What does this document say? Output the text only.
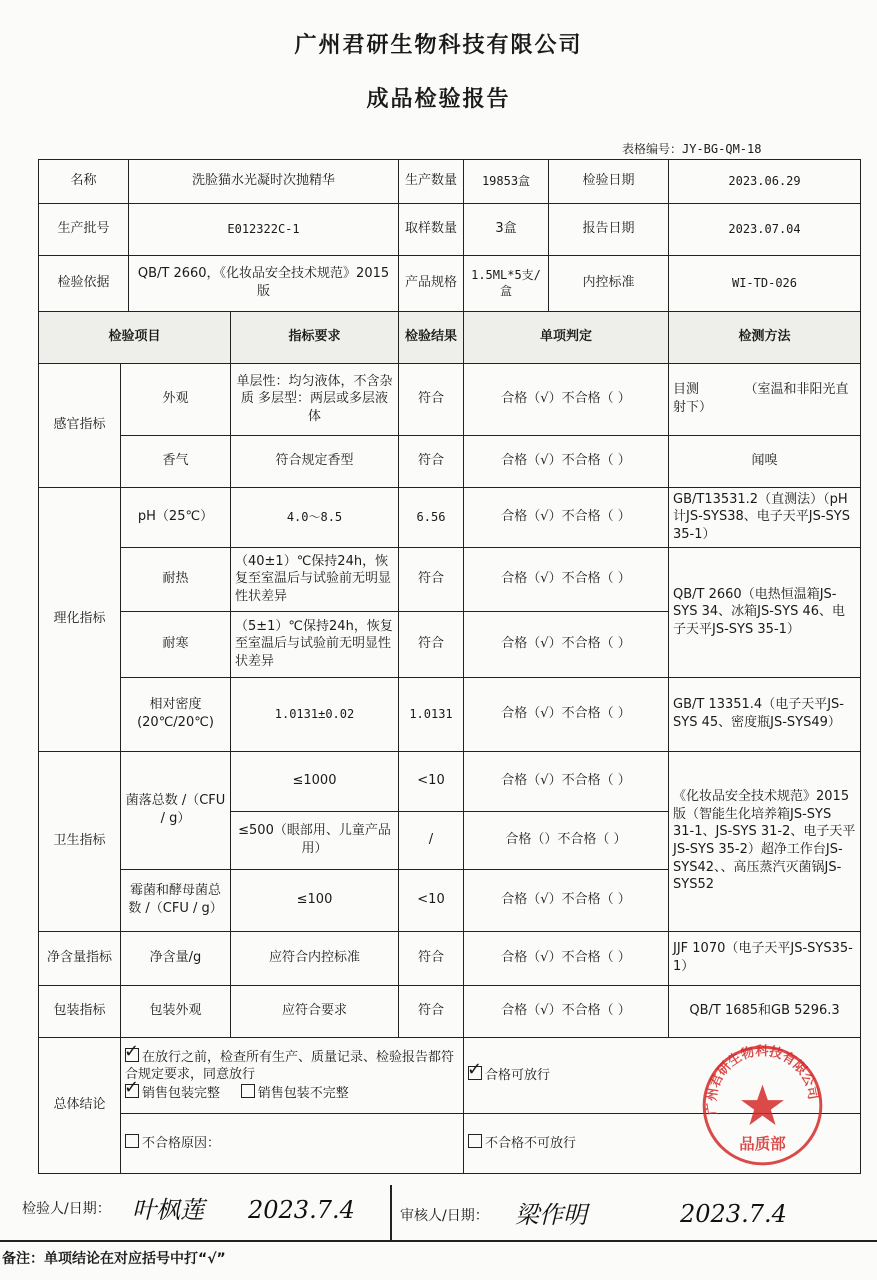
广州君研生物科技有限公司
成品检验报告
表格编号：JY-BG-QM-18

名称		洗脸猫水光凝时次抛精华		生产数量	19853盒	检验日期	2023.06.29
生产批号		E012322C-1		取样数量	3盒	报告日期	2023.07.04
检验依据		QB/T 2660，《化妆品安全技术规范》2015版		产品规格	1.5ML*5支/盒	内控标准	WI-TD-026
检验项目			指标要求	检验结果	单项判定		检测方法
感官指标	外观		单层性：均匀液体，不含杂质 多层型：两层或多层液体	符合	合格（√）不合格（ ）		目测　　　　（室温和非阳光直射下）
	香气		符合规定香型	符合	合格（√）不合格（ ）		闻嗅
理化指标	pH（25℃）		4.0～8.5	6.56	合格（√）不合格（ ）		GB/T13531.2（直测法）（pH计JS-SYS38、电子天平JS-SYS 35-1）
	耐热		（40±1）℃保持24h，恢复至室温后与试验前无明显性状差异	符合	合格（√）不合格（ ）		QB/T 2660（电热恒温箱JS-SYS 34、冰箱JS-SYS 46、电子天平JS-SYS 35-1）
	耐寒		（5±1）℃保持24h，恢复至室温后与试验前无明显性状差异	符合	合格（√）不合格（ ）		
	相对密度(20℃/20℃)		1.0131±0.02	1.0131	合格（√）不合格（ ）		GB/T 13351.4（电子天平JS-SYS 45、密度瓶JS-SYS49）
卫生指标	菌落总数 /（CFU / g）		≤1000	<10	合格（√）不合格（ ）		《化妆品安全技术规范》2015版（智能生化培养箱JS-SYS 31-1、JS-SYS 31-2、电子天平JS-SYS 35-2）超净工作台JS-SYS42、、高压蒸汽灭菌锅JS-SYS52
			≤500（眼部用、儿童产品用）	/	合格（）不合格（ ）		
	霉菌和酵母菌总数 /（CFU / g）		≤100	<10	合格（√）不合格（ ）		
净含量指标	净含量/g		应符合内控标准	符合	合格（√）不合格（ ）		JJF 1070（电子天平JS-SYS35-1）
包装指标	包装外观		应符合要求	符合	合格（√）不合格（ ）		QB/T 1685和GB 5296.3
总体结论	✓在放行之前，检查所有生产、质量记录、检验报告都符合规定要求，同意放行
✓销售包装完整 销售包装不完整	✓合格可放行
	不合格原因：				不合格不可放行		
检验人/日期： 叶枫莲 2023.7.4	审核人/日期： 梁作明	2023.7.4
备注：单项结论在对应括号中打“√”
广州君研生物科技有限公司
品质部
